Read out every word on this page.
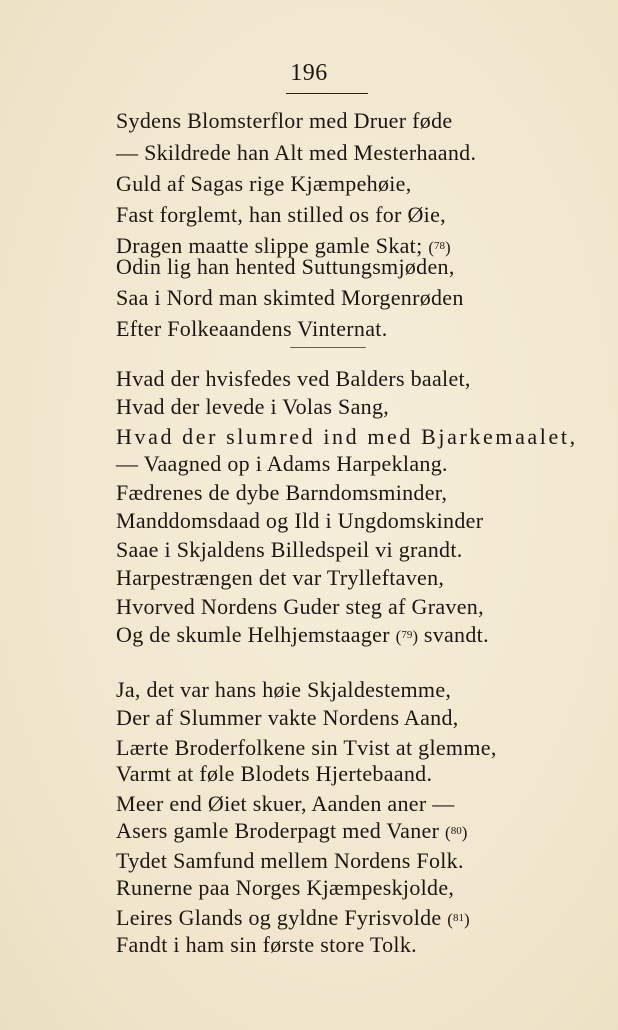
196
Sydens Blomsterflor med Druer føde
— Skildrede han Alt med Mesterhaand.
Guld af Sagas rige Kjæmpehøie,
Fast forglemt, han stilled os for Øie,
Dragen maatte slippe gamle Skat; ($^{78}$)
Odin lig han hented Suttungsmjøden,
Saa i Nord man skimted Morgenrøden
Efter Folkeaandens Vinternat.
Hvad der hvisfedes ved Balders baalet,
Hvad der levede i Volas Sang,
Hvad der slumred ind med Bjarkemaalet,
— Vaagned op i Adams Harpeklang.
Fædrenes de dybe Barndomsminder,
Manddomsdaad og Ild i Ungdomskinder
Saae i Skjaldens Billedspeil vi grandt.
Harpestrængen det var Trylleftaven,
Hvorved Nordens Guder steg af Graven,
Og de skumle Helhjemstaager ($^{79}$) svandt.
Ja, det var hans høie Skjaldestemme,
Der af Slummer vakte Nordens Aand,
Lærte Broderfolkene sin Tvist at glemme,
Varmt at føle Blodets Hjertebaand.
Meer end Øiet skuer, Aanden aner —
Asers gamle Broderpagt med Vaner ($^{80}$)
Tydet Samfund mellem Nordens Folk.
Runerne paa Norges Kjæmpeskjolde,
Leires Glands og gyldne Fyrisvolde ($^{81}$)
Fandt i ham sin første store Tolk.
